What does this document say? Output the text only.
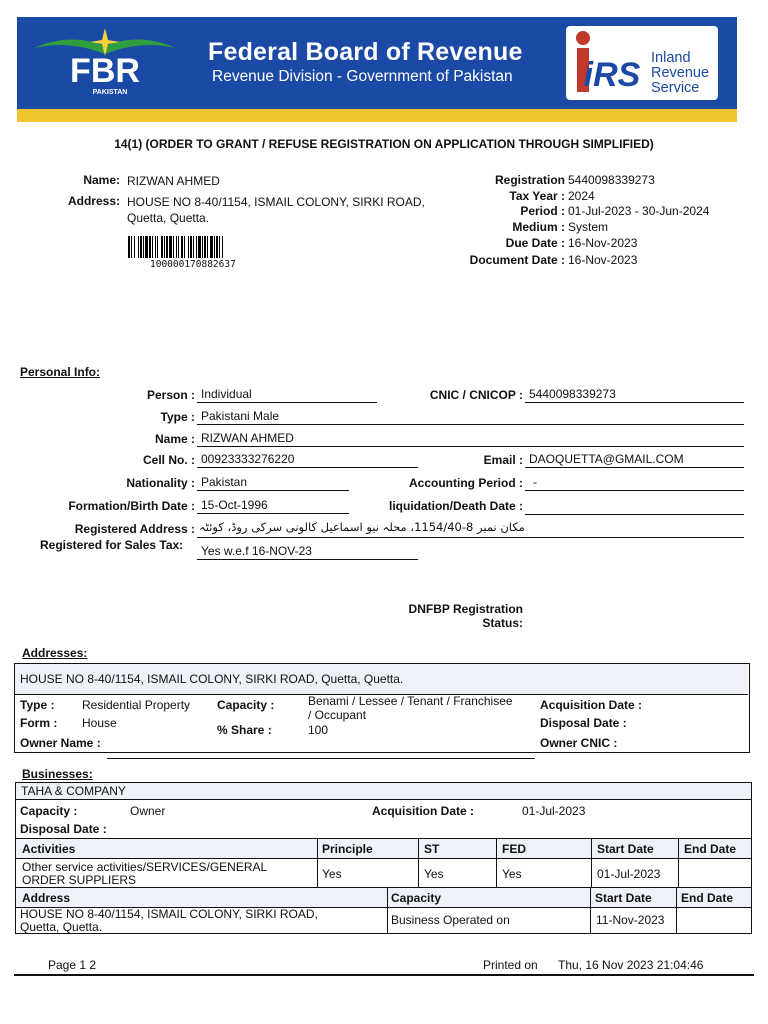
FBR
PAKISTAN
Federal Board of Revenue
Revenue Division - Government of Pakistan iRS Inland
Revenue
Service
14(1) (ORDER TO GRANT / REFUSE REGISTRATION ON APPLICATION THROUGH SIMPLIFIED)
Name: RIZWAN AHMED
Address: HOUSE NO 8-40/1154, ISMAIL COLONY, SIRKI ROAD,
Quetta, Quetta.
100000170882637
Registration 5440098339273
Tax Year : 2024
Period : 01-Jul-2023 - 30-Jun-2024
Medium : System
Due Date : 16-Nov-2023
Document Date : 16-Nov-2023
Personal Info:
Person : Individual	CNIC / CNICOP : 5440098339273
Type : Pakistani Male
Name : RIZWAN AHMED
Cell No. : 00923333276220	Email : DAOQUETTA@GMAIL.COM
Nationality : Pakistan	Accounting Period : -
Formation/Birth Date : 15-Oct-1996	liquidation/Death Date :
Registered Address : مکان نمبر 8-1154/40، محلہ نیو اسماعیل کالونی سرکی روڈ، کوئٹہ
Registered for Sales Tax:	Yes w.e.f 16-NOV-23
DNFBP Registration
Status:
Addresses:
HOUSE NO 8-40/1154, ISMAIL COLONY, SIRKI ROAD, Quetta, Quetta.
Type : Residential Property Capacity :	Benami / Lessee / Tenant / Franchisee
/ Occupant
Acquisition Date :
Form : House	Disposal Date :
% Share :	100
Owner Name :	Owner CNIC :
Businesses:
TAHA & COMPANY
Capacity :	Owner	Acquisition Date :	01-Jul-2023
Disposal Date :
Activities	Principle	ST	FED	Start Date	End Date
Other service activities/SERVICES/GENERAL
ORDER SUPPLIERS	Yes	Yes	Yes	01-Jul-2023
Address	Capacity	Start Date End Date
HOUSE NO 8-40/1154, ISMAIL COLONY, SIRKI ROAD,
Quetta, Quetta.	Business Operated on	11-Nov-2023
Page 1 2	Printed on Thu, 16 Nov 2023 21:04:46
